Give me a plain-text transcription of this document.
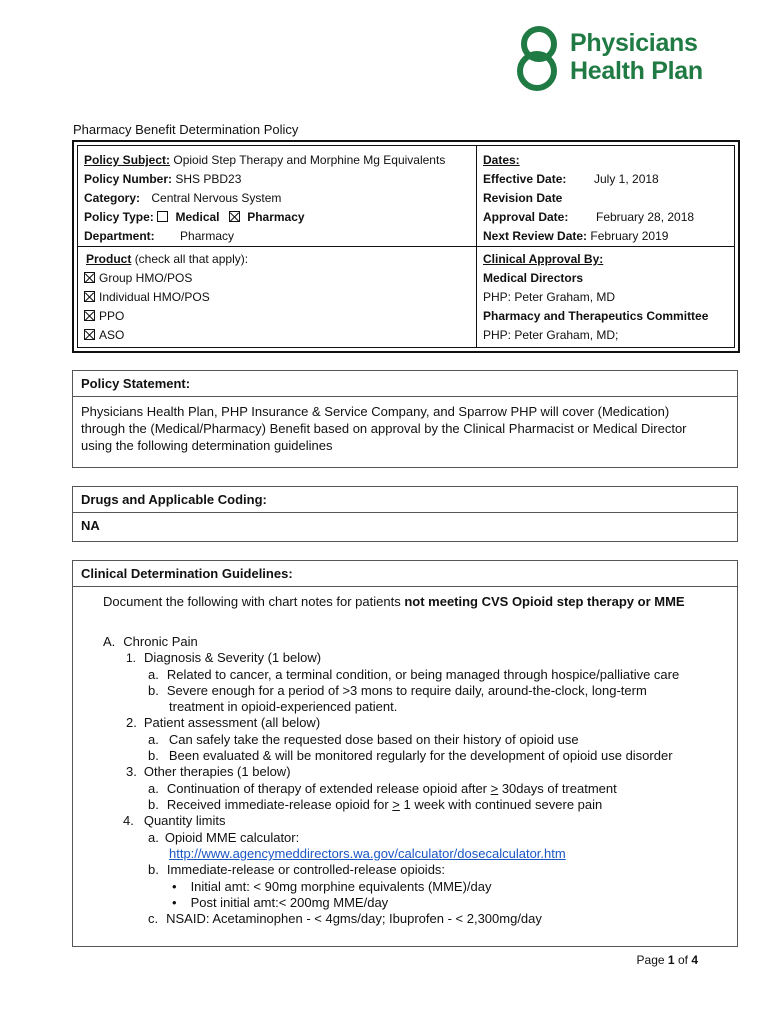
Physicians
Health Plan
Pharmacy Benefit Determination Policy
Policy Subject: Opioid Step Therapy and Morphine Mg Equivalents
Policy Number: SHS PBD23
Category: Central Nervous System
Policy Type: Medical Pharmacy
Department: Pharmacy
Dates:
Effective Date: July 1, 2018
Revision Date
Approval Date: February 28, 2018
Next Review Date: February 2019
Product (check all that apply):
Group HMO/POS
Individual HMO/POS
PPO
ASO
Clinical Approval By:
Medical Directors
PHP: Peter Graham, MD
Pharmacy and Therapeutics Committee
PHP: Peter Graham, MD;
Policy Statement:
Physicians Health Plan, PHP Insurance & Service Company, and Sparrow PHP will cover (Medication)
through the (Medical/Pharmacy) Benefit based on approval by the Clinical Pharmacist or Medical Director
using the following determination guidelines
Drugs and Applicable Coding:
NA
Clinical Determination Guidelines:
Document the following with chart notes for patients not meeting CVS Opioid step therapy or MME
A. Chronic Pain
1. Diagnosis & Severity (1 below)
a. Related to cancer, a terminal condition, or being managed through hospice/palliative care
b. Severe enough for a period of >3 mons to require daily, around-the-clock, long-term
treatment in opioid-experienced patient.
2. Patient assessment (all below)
a. Can safely take the requested dose based on their history of opioid use
b. Been evaluated & will be monitored regularly for the development of opioid use disorder
3. Other therapies (1 below)
a. Continuation of therapy of extended release opioid after > 30days of treatment
b. Received immediate-release opioid for > 1 week with continued severe pain
4. Quantity limits
a. Opioid MME calculator:
http://www.agencymeddirectors.wa.gov/calculator/dosecalculator.htm
b. Immediate-release or controlled-release opioids:
• Initial amt: < 90mg morphine equivalents (MME)/day
• Post initial amt:< 200mg MME/day
c. NSAID: Acetaminophen - < 4gms/day; Ibuprofen - < 2,300mg/day
Page 1 of 4
